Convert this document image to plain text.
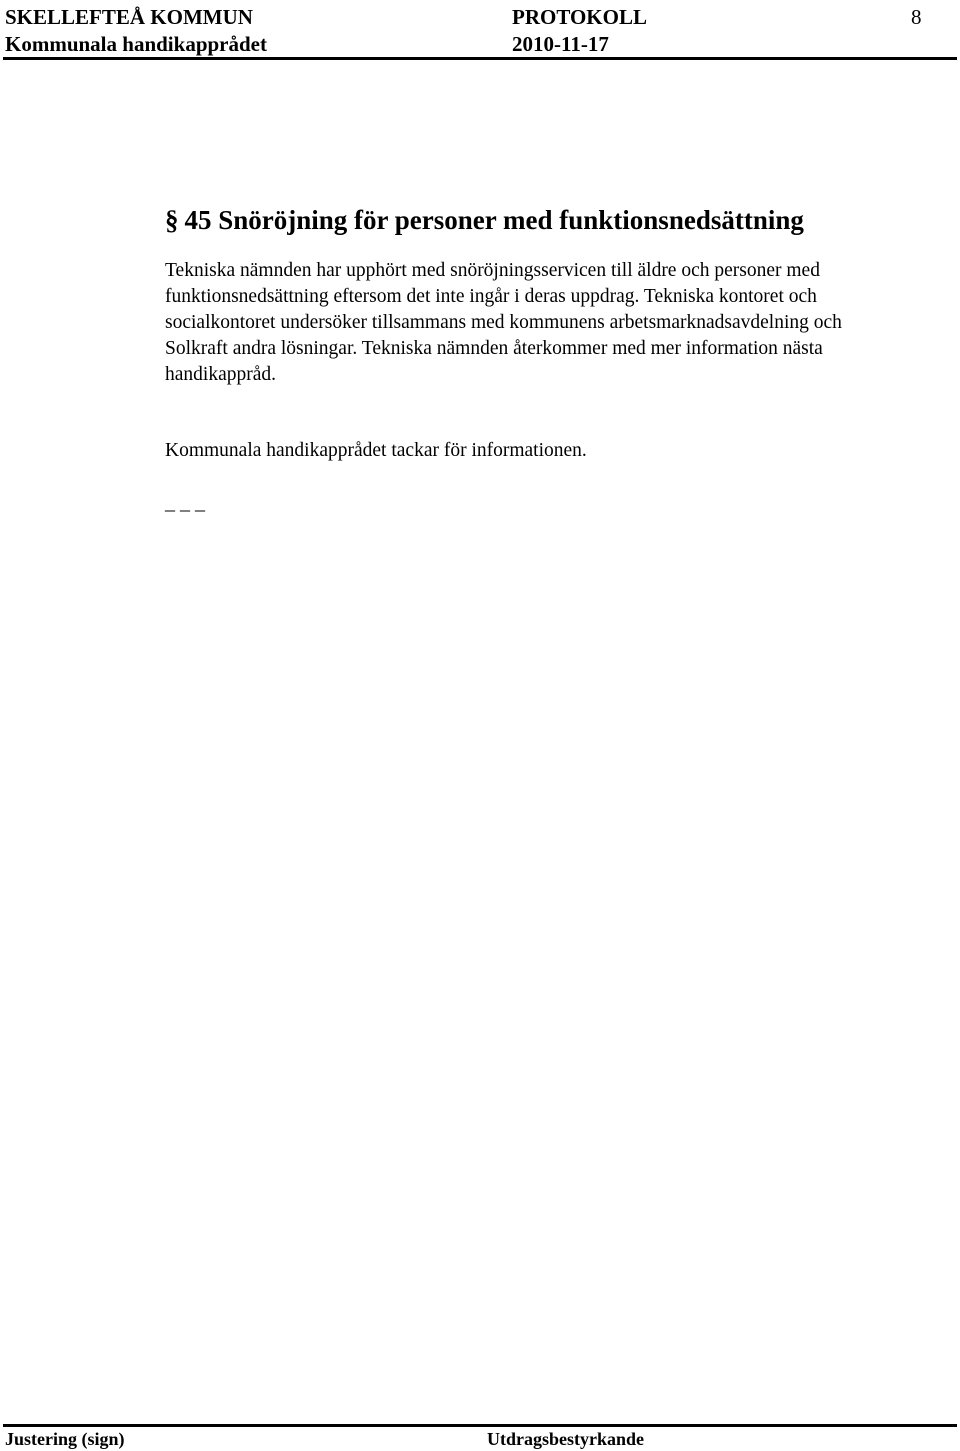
SKELLEFTEÅ KOMMUN	PROTOKOLL	8
Kommunala handikapprådet	2010-11-17
§ 45 Snöröjning för personer med funktionsnedsättning
Tekniska nämnden har upphört med snöröjningsservicen till äldre och personer med
funktionsnedsättning eftersom det inte ingår i deras uppdrag. Tekniska kontoret och
socialkontoret undersöker tillsammans med kommunens arbetsmarknadsavdelning och
Solkraft andra lösningar. Tekniska nämnden återkommer med mer information nästa
handikappråd.

Kommunala handikapprådet tackar för informationen.

_ _ _
Justering (sign)	Utdragsbestyrkande
